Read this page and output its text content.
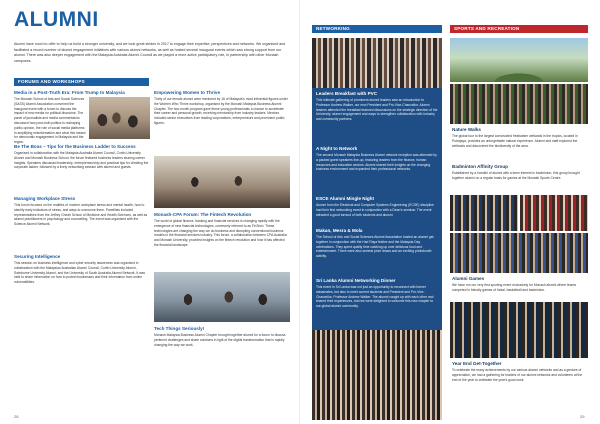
ALUMNI
Alumni have much to offer to help us build a stronger university, and we took great strides in 2017 to engage their expertise, perspectives and networks. We organised and facilitated a record number of alumni engagement initiatives with various alumni networks, as well as hosted several inaugural events which saw strong support from our alumni. There was also deeper engagement with the Malaysia Australia Alumni Council as we played a more active participatory role, in partnership with other Monash campuses.
FORUMS AND WORKSHOPS
Media in a Post-Truth Era: From Trump to Malaysia
The Monash School of Arts and Social Sciences (SASS) Alumni Association convened the inaugural event with a forum to discuss the impact of new media on political discourse. The panel of journalists and media commentators discussed how post-truth politics is reshaping public opinion, the role of social media platforms in amplifying misinformation and what this means for democratic engagement in Malaysia and the region.
Be The Boss – Tips for the Business Ladder to Success
Organised in collaboration with the Malaysia Australia Alumni Council, Curtin University Alumni and Monash Business School, the forum featured business leaders sharing career insights. Speakers discussed leadership, entrepreneurship and practical tips for climbing the corporate ladder, followed by a lively networking session with alumni and guests.
Managing Workplace Stress
This forum focused on the realities of modern workplace stress and mental health, how to identify early indicators of stress, and ways to overcome them. Panellists included representatives from the Jeffrey Cheah School of Medicine and Health Sciences, as well as alumni practitioners in psychology and counselling. The event was organised with the Science Alumni Network.
Securing Intelligence
This session on business intelligence and cyber security awareness was organised in collaboration with the Malaysian Australian Alumni Council, Curtin University Alumni, Swinburne University Alumni, and the University of South Australia Alumni Network. It was held to share information on how to protect businesses and their information from online vulnerabilities.
Empowering Women to Thrive
Thirty of our female alumni were mentored by 16 of Malaysia's most influential figures under the Women Who Thrive workshop, organised by the Monash Malaysia Business Alumni Chapter. The two-month program gave these young professionals a chance to accelerate their career and personal growth, receiving mentorship from industry leaders. Mentors included senior executives from leading corporations, entrepreneurs and prominent public figures.
Monash-CPA Forum: The Fintech Revolution
The world of global finance, banking and financial services is changing rapidly with the emergence of new financial technologies, commonly referred to as FinTech. These technologies are changing the way we do business and disrupting conventional business models in the financial services industry. This forum, a collaboration between CPA Australia and Monash University, provided insights on the fintech revolution and how it has affected the financial landscape.
Tech Things Seriously!
Monash Malaysia Business Alumni Chapter brought together alumni for a forum to discuss pertinent challenges and share solutions in light of the digital transformation that is rapidly changing the way we work.
28
NETWORKING	SPORTS AND RECREATION
Leaders Breakfast with PVC
This intimate gathering of prominent alumni leaders saw an introduction to Professor Andrew Walker, our new President and Pro-Vice-Chancellor. Alumni leaders attended the breakfast featured discussions on the strategic direction of the University, alumni engagement and ways to strengthen collaboration with industry and community partners.
A Night to Network
The second Monash Malaysia Business Alumni network reception was attended by a packed guest speakers line-up, featuring leaders from the finance, human resources and education sectors. Alumni shared their insights on the changing business environment and expanded their professional networks.
ESCE Alumni Mingle Night
Alumni from the Electrical and Computer Systems Engineering (ECSE) discipline had their first networking event in conjunction with a Dean's seminar. The event attracted a good turnout of both students and alumni.
Makan, Mesra & Mola
The School of Arts and Social Sciences Alumni Association hosted an alumni get-together in conjunction with the Hari Raya festive and the Malaysia Day celebrations. They spent quality time catching up over delicious food and entertainment. There were also several prize draws and an exciting photobooth activity.
Sri Lanka Alumni Networking Dinner
This event in Sri Lanka was not just an opportunity to reconnect with former classmates, but also to meet current students and President and Pro-Vice-Chancellor, Professor Andrew Walker. The alumni caught up with each other and shared their experiences, and we were delighted to welcome this new chapter to our global alumni community.
Nature Walks
The global tour to the largest constructed freshwater wetlands in the tropics, located in Putrajaya, provides an unforgettable natural experience. Alumni and staff explored the wetlands and discovered the biodiversity of the area.
Badminton Affinity Group
Established by a handful of alumni with a keen interest in badminton, this group brought together alumni on a regular basis for games at the Monash Sports Centre.
Alumni Games
We have run our very first sporting event exclusively for Monash alumni where teams competed in friendly games of futsal, basketball and badminton.
Year End Get-Together
To celebrate the many achievements by our various alumni networks and as a gesture of appreciation, we had a gathering for leaders of our alumni networks and volunteers at the end of the year to celebrate the year's good work.
29
